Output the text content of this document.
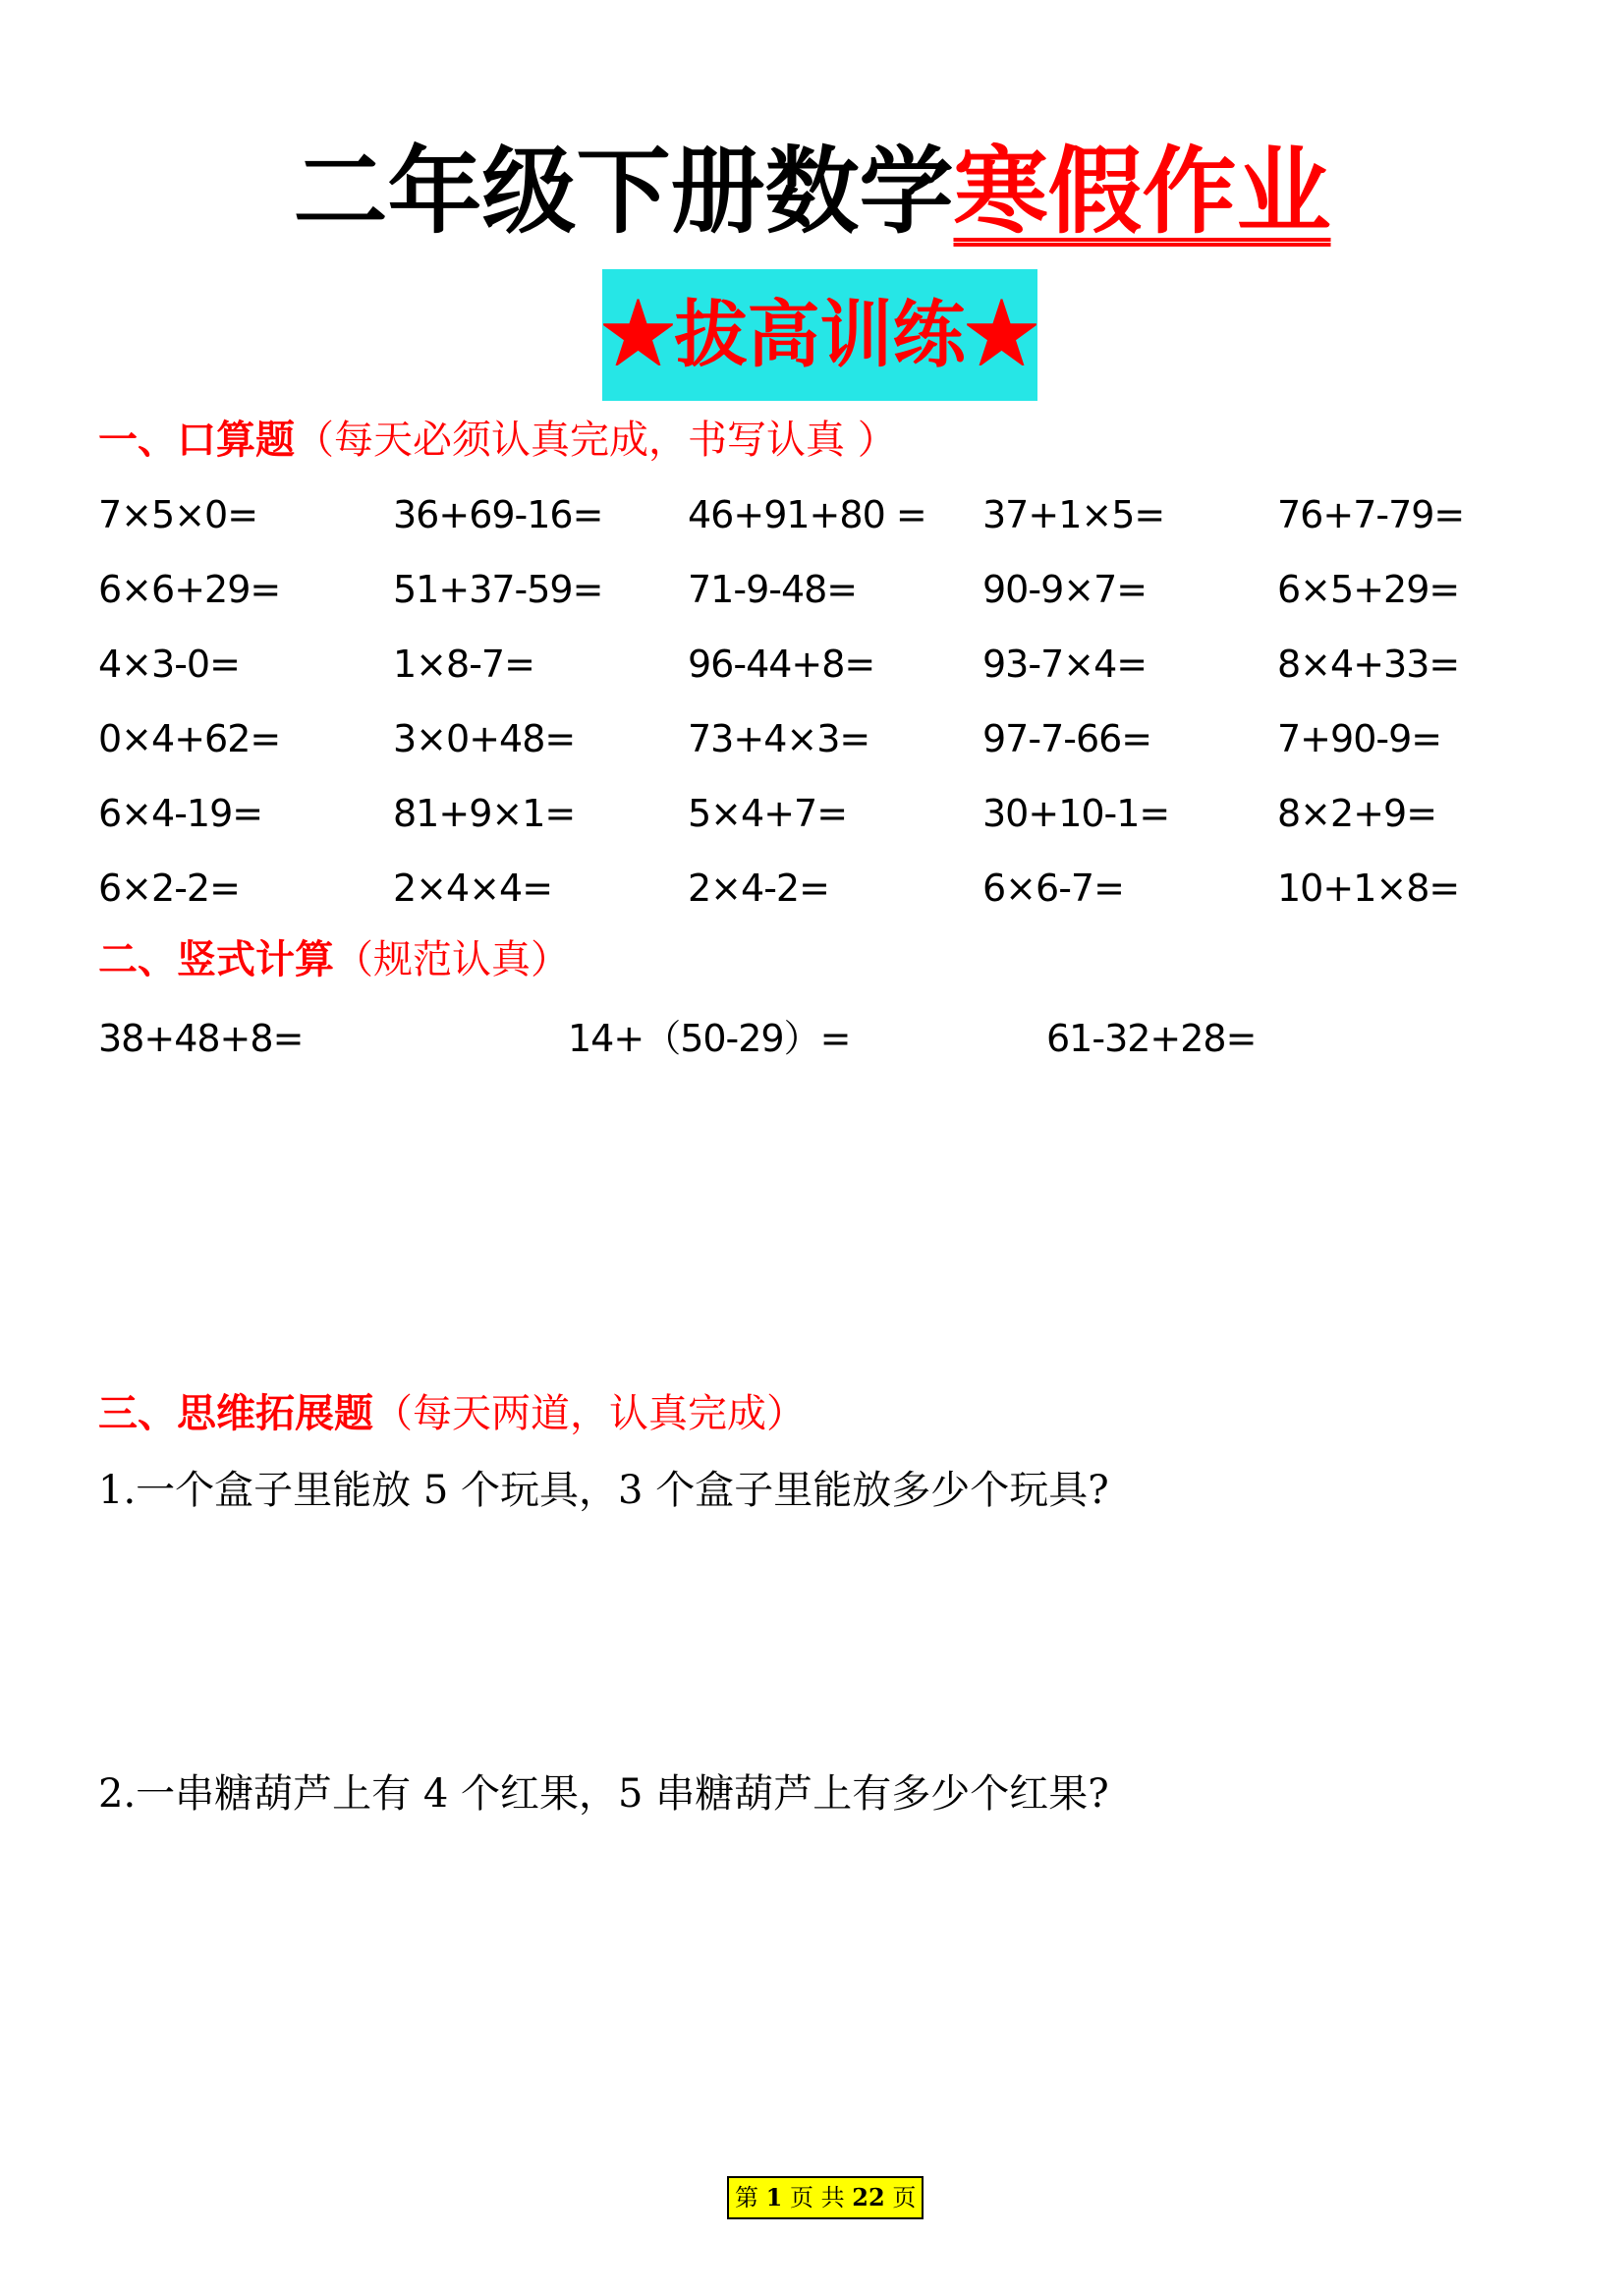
二年级下册数学寒假作业
★拔高训练★
一、口算题（每天必须认真完成，书写认真 ）
7×5×0=	36+69-16= 46+91+80 = 37+1×5=	76+7-79=
6×6+29=	51+37-59= 71-9-48=	90-9×7=	6×5+29=
4×3-0=	1×8-7=	96-44+8=	93-7×4=	8×4+33=
0×4+62=	3×0+48=	73+4×3=	97-7-66=	7+90-9=
6×4-19=	81+9×1=	5×4+7=	30+10-1=	8×2+9=
6×2-2=	2×4×4=	2×4-2=	6×6-7=	10+1×8=
二、竖式计算（规范认真）
38+48+8=	14+（50-29）=	61-32+28=
三、思维拓展题（每天两道，认真完成）
1.一个盒子里能放 5 个玩具，3 个盒子里能放多少个玩具?
2.一串糖葫芦上有 4 个红果，5 串糖葫芦上有多少个红果?
第 1 页 共 22 页
